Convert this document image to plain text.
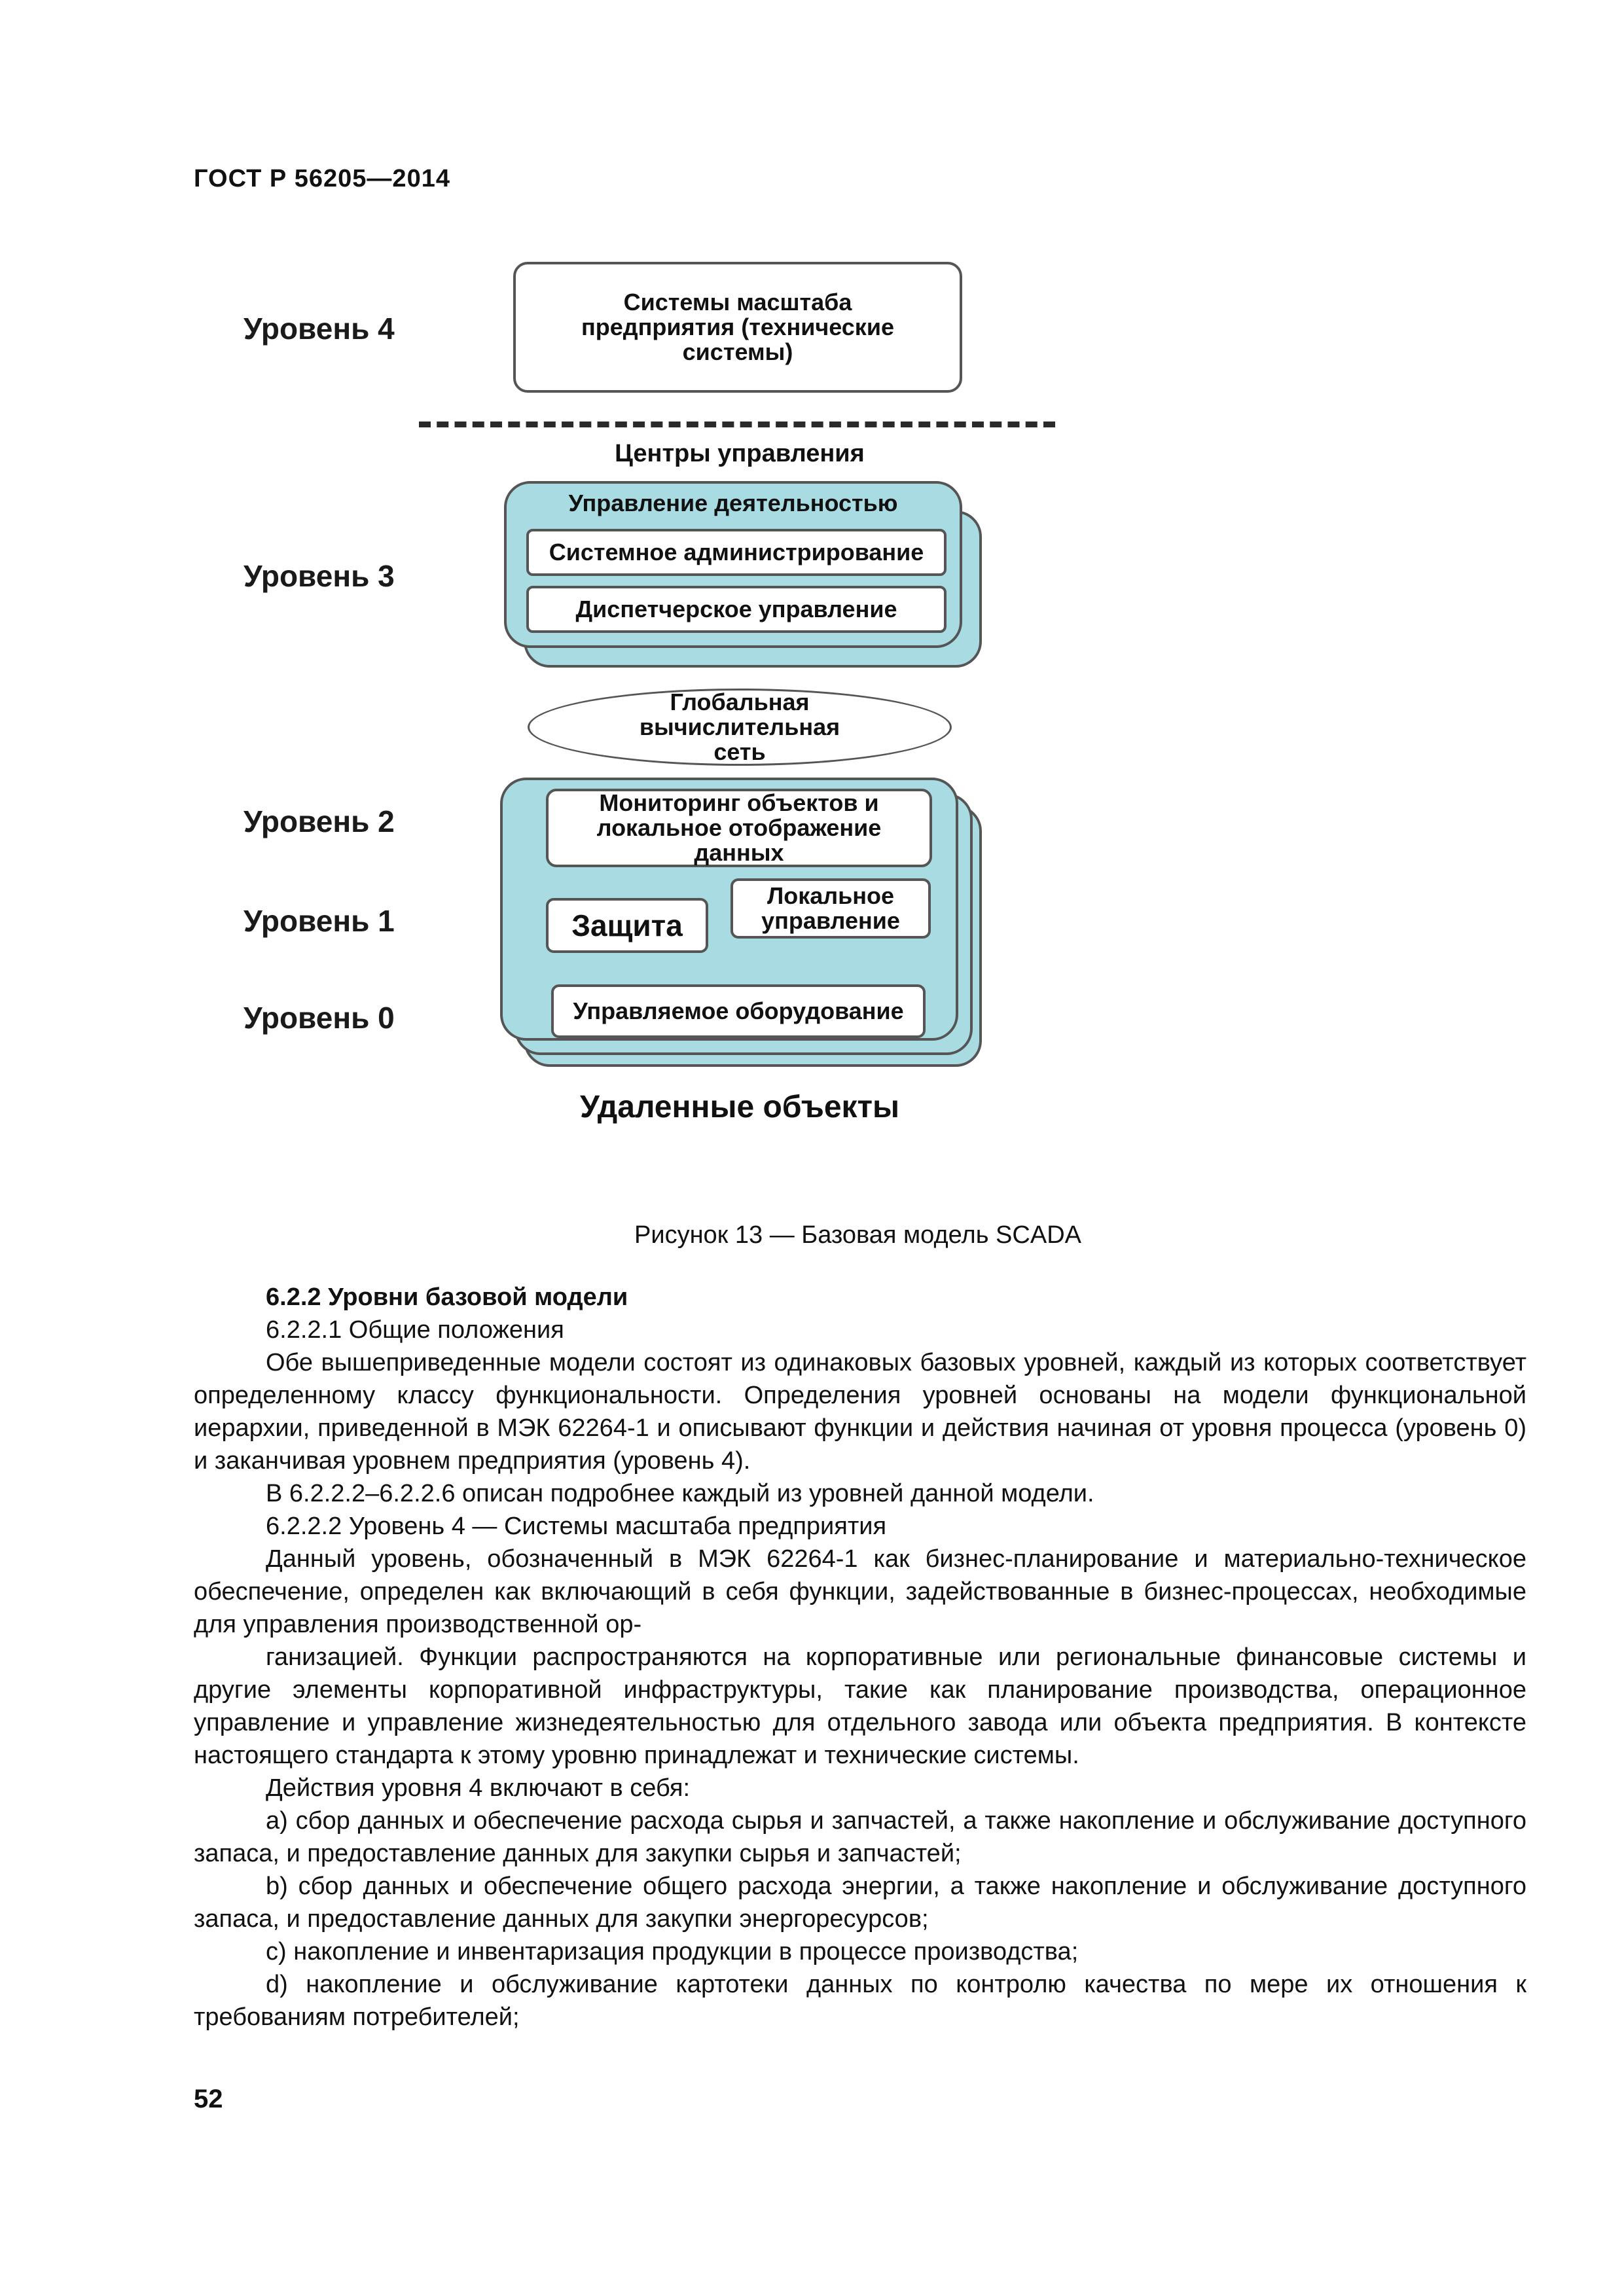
ГОСТ Р 56205—2014
Уровень 4
Уровень 3
Уровень 2
Уровень 1
Уровень 0
Системы масштаба предприятия (технические системы)
Центры управления
Управление деятельностью
Системное администрирование
Диспетчерское управление
Глобальная вычислительная сеть
Мониторинг объектов и локальное отображение данных
Защита
Локальное управление
Управляемое оборудование
Удаленные объекты
Рисунок 13 — Базовая модель SCADA

6.2.2 Уровни базовой модели

6.2.2.1 Общие положения

Обе вышеприведенные модели состоят из одинаковых базовых уровней, каждый из которых соответствует определенному классу функциональности. Определения уровней основаны на модели функциональной иерархии, приведенной в МЭК 62264-1 и описывают функции и действия начиная от уровня процесса (уровень 0) и заканчивая уровнем предприятия (уровень 4).

В 6.2.2.2–6.2.2.6 описан подробнее каждый из уровней данной модели.

6.2.2.2 Уровень 4 — Системы масштаба предприятия

Данный уровень, обозначенный в МЭК 62264-1 как бизнес-планирование и материально-техническое обеспечение, определен как включающий в себя функции, задействованные в бизнес-процессах, необходимые для управления производственной ор-

ганизацией. Функции распространяются на корпоративные или региональные финансовые системы и другие элементы корпоративной инфраструктуры, такие как планирование производства, операционное управление и управление жизнедеятельностью для отдельного завода или объекта предприятия. В контексте настоящего стандарта к этому уровню принадлежат и технические системы.

Действия уровня 4 включают в себя:

a) сбор данных и обеспечение расхода сырья и запчастей, а также накопление и обслуживание доступного запаса, и предоставление данных для закупки сырья и запчастей;

b) сбор данных и обеспечение общего расхода энергии, а также накопление и обслуживание доступного запаса, и предоставление данных для закупки энергоресурсов;

c) накопление и инвентаризация продукции в процессе производства;

d) накопление и обслуживание картотеки данных по контролю качества по мере их отношения к требованиям потребителей;

52
